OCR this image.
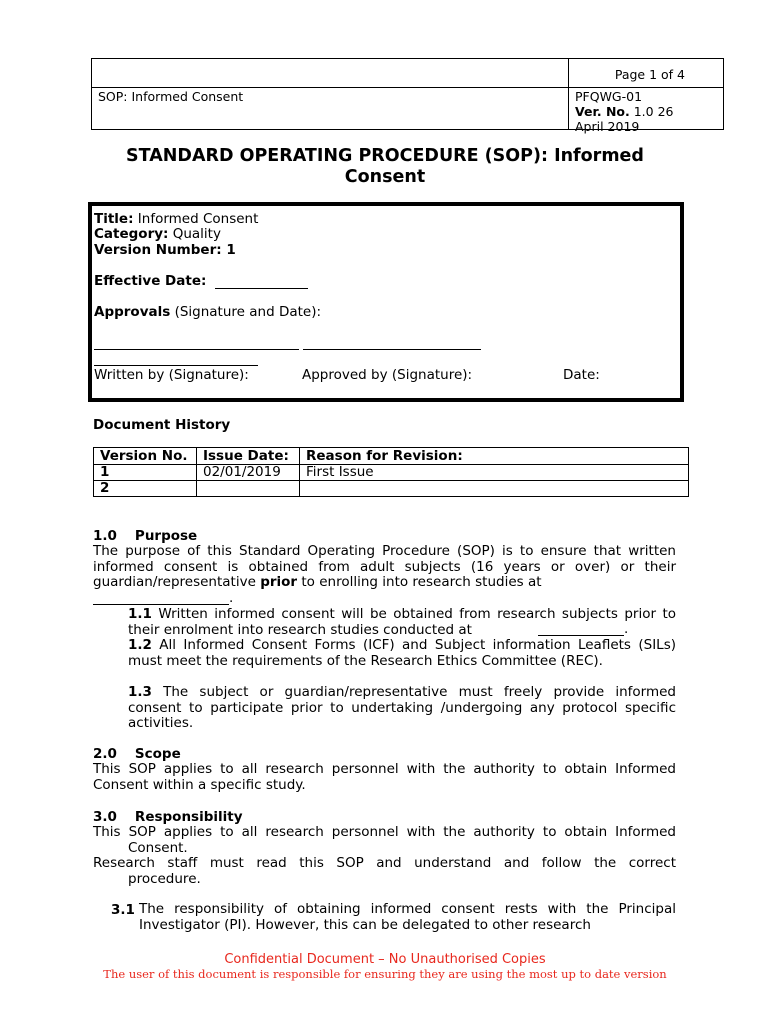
Page 1 of 4
SOP: Informed Consent	PFQWG-01
Ver. No. 1.0 26
April 2019
STANDARD OPERATING PROCEDURE (SOP): Informed Consent
Title: Informed Consent
Category: Quality
Version Number: 1
Effective Date:
Approvals (Signature and Date):
Written by (Signature):	Approved by (Signature):	Date:
Document History
Version No.	Issue Date:	Reason for Revision:
1	02/01/2019	First Issue
2		
1.0 Purpose
The purpose of this Standard Operating Procedure (SOP) is to ensure that written informed consent is obtained from adult subjects (16 years or over) or their guardian/representative prior to enrolling into research studies at
.
1.1 Written informed consent will be obtained from research subjects prior to their enrolment into research studies conducted at	.
1.2 All Informed Consent Forms (ICF) and Subject information Leaflets (SILs) must meet the requirements of the Research Ethics Committee (REC).
1.3 The subject or guardian/representative must freely provide informed consent to participate prior to undertaking /undergoing any protocol specific activities.
2.0 Scope
This SOP applies to all research personnel with the authority to obtain Informed Consent within a specific study.
3.0 Responsibility
This SOP applies to all research personnel with the authority to obtain Informed
Consent.
Research staff must read this SOP and understand and follow the correct
procedure.
3.1 The responsibility of obtaining informed consent rests with the Principal Investigator (PI). However, this can be delegated to other research
Confidential Document – No Unauthorised Copies
The user of this document is responsible for ensuring they are using the most up to date version
